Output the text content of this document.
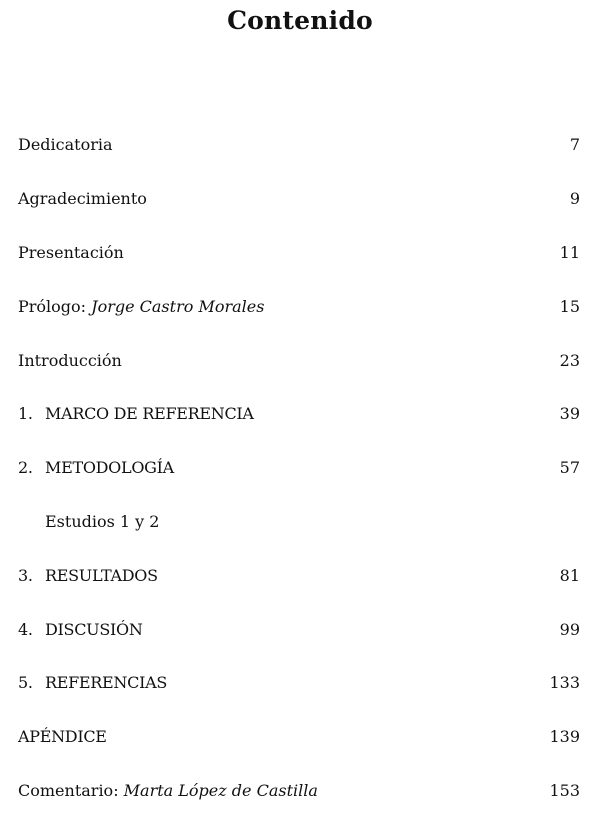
Contenido
Dedicatoria	7
Agradecimiento	9
Presentación	11
Prólogo: Jorge Castro Morales	15
Introducción	23
1. MARCO DE REFERENCIA	39
2. METODOLOGÍA	57
Estudios 1 y 2
3. RESULTADOS	81
4. DISCUSIÓN	99
5. REFERENCIAS	133
APÉNDICE	139
Comentario: Marta López de Castilla	153
